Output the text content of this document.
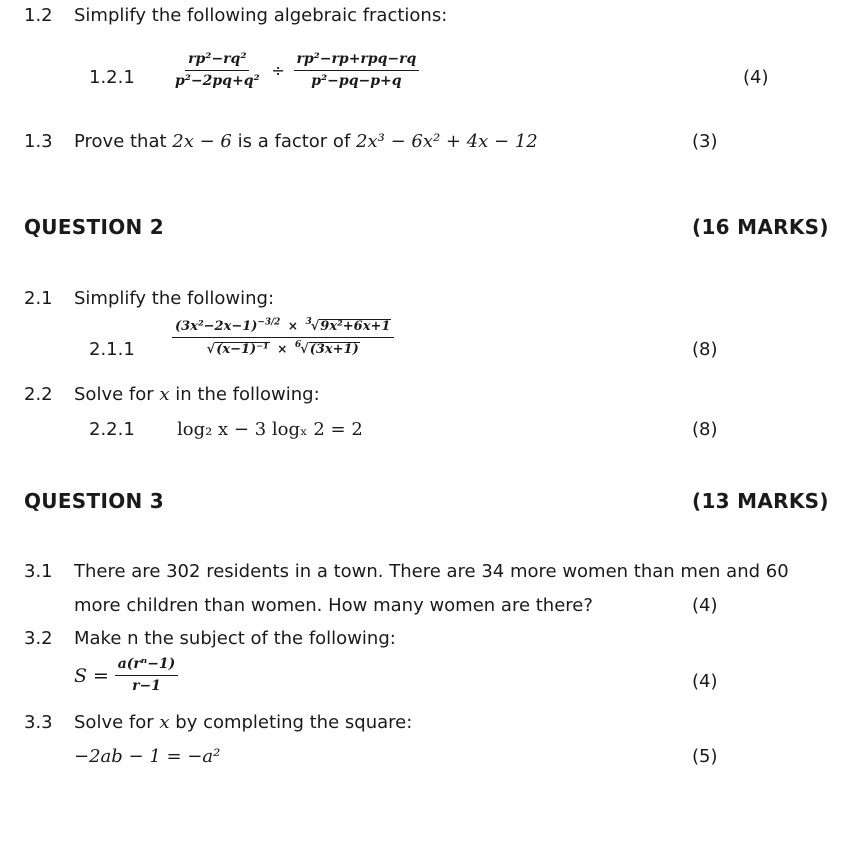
1.2 Simplify the following algebraic fractions:
1.2.1	$\frac{\text{rp²−rq²}}{\text{p²−2pq+q²}} \div \frac{\text{rp²−rp+rpq−rq}}{\text{p²−pq−p+q}}$	(4)
1.3 Prove that 2x − 6 is a factor of 2x³ − 6x² + 4x − 12	(3)
QUESTION 2	(16 MARKS)
2.1 Simplify the following:
2.1.1	$\frac{(3x^2-2x-1)^{-3/2} \times ^3√9x^2+6x+1}{√(x-1)^{-1} \times ^6√(3x+1)}$	(8)
2.2 Solve for x in the following:
2.2.1 log₂ x − 3 logₓ 2 = 2	(8)
QUESTION 3	(13 MARKS)
3.1 There are 302 residents in a town. There are 34 more women than men and 60
more children than women. How many women are there?	(4)
3.2 Make n the subject of the following:
$S = \frac{\text{a(rⁿ−1)}}{r-1}$	(4)
3.3 Solve for x by completing the square:
−2ab − 1 = −a²	(5)
